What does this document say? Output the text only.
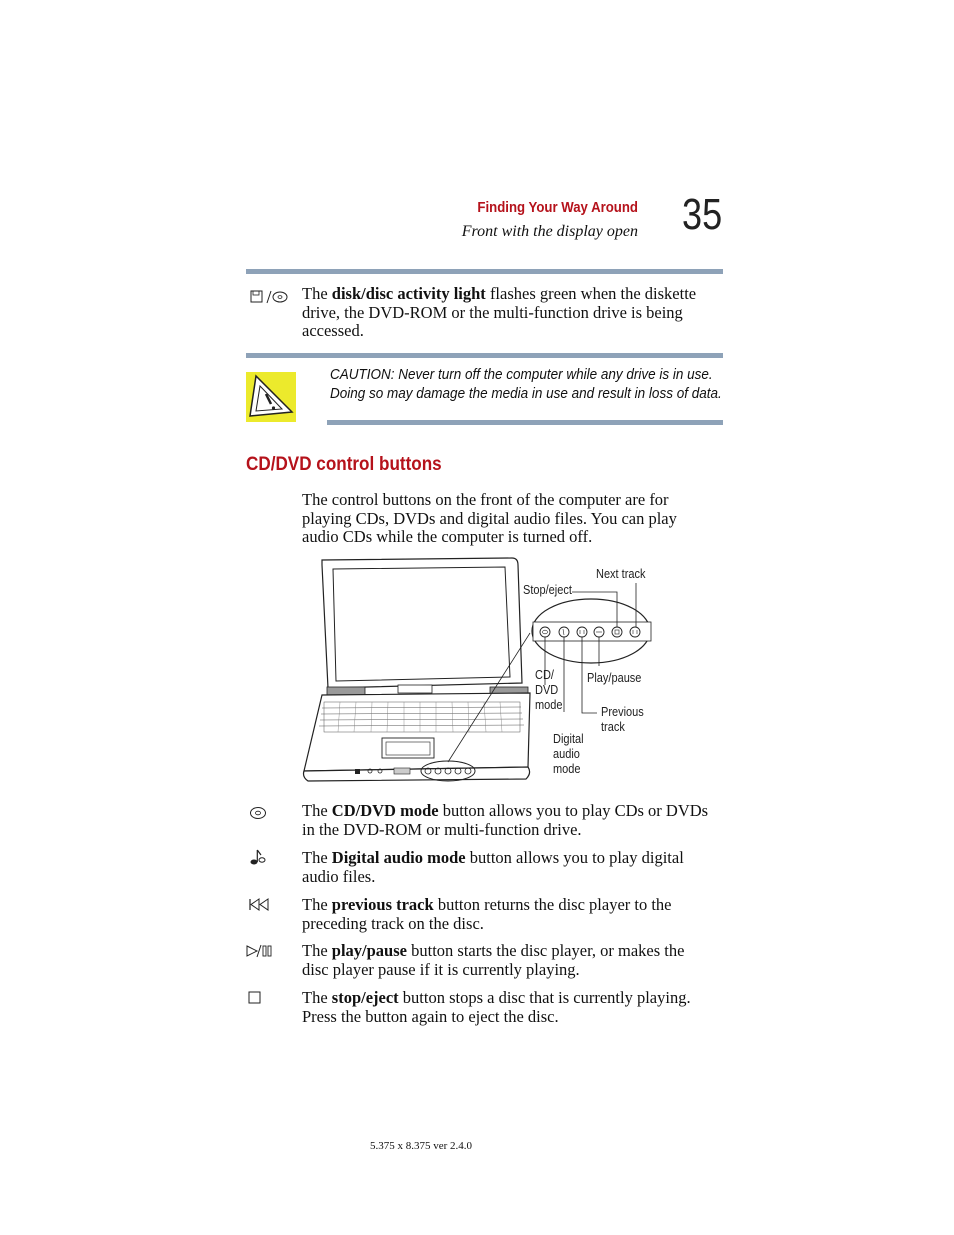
Finding Your Way Around
Front with the display open 35
The disk/disc activity light flashes green when the diskette
drive, the DVD-ROM or the multi-function drive is being
accessed.
CAUTION: Never turn off the computer while any drive is in use.
Doing so may damage the media in use and result in loss of data.
CD/DVD control buttons
The control buttons on the front of the computer are for
playing CDs, DVDs and digital audio files. You can play
audio CDs while the computer is turned off.
Next track
Stop/eject
CD/
DVD
mode
Play/pause
Previous
track
Digital
audio
mode
The CD/DVD mode button allows you to play CDs or DVDs
in the DVD-ROM or multi-function drive.
The Digital audio mode button allows you to play digital
audio files.
The previous track button returns the disc player to the
preceding track on the disc.
The play/pause button starts the disc player, or makes the
disc player pause if it is currently playing.
The stop/eject button stops a disc that is currently playing.
Press the button again to eject the disc.
5.375 x 8.375 ver 2.4.0
